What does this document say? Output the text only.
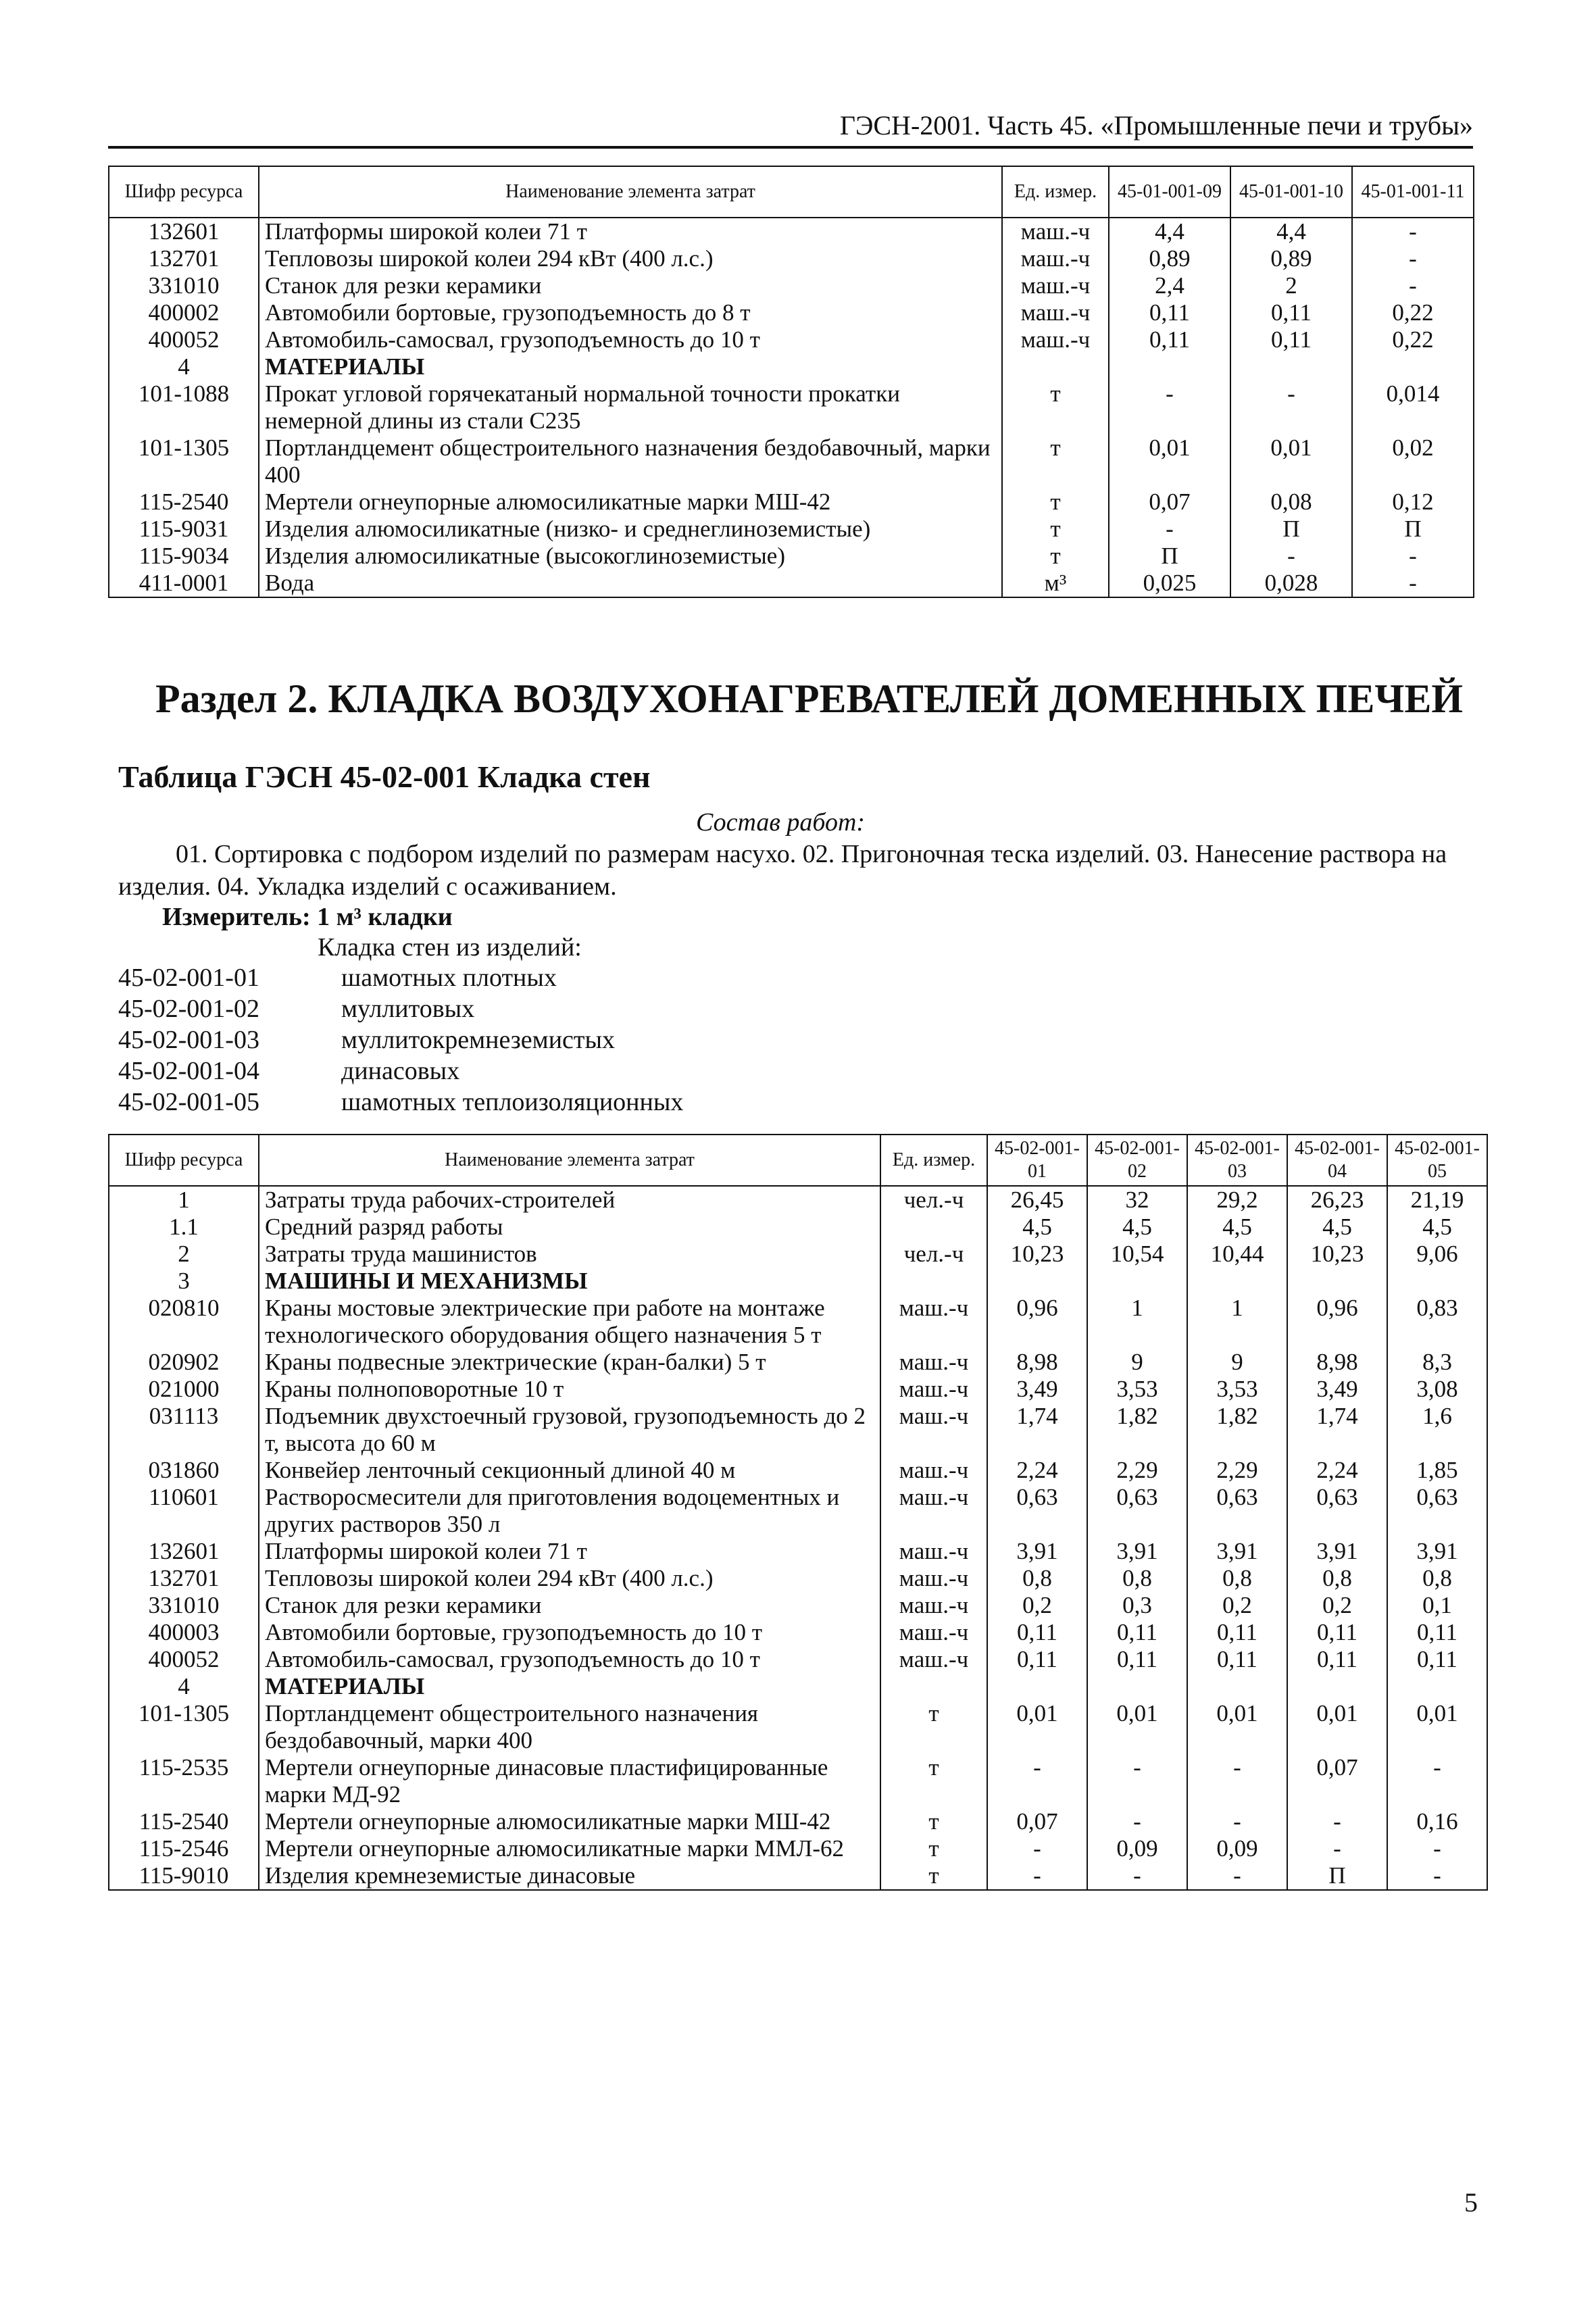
ГЭСН-2001. Часть 45. «Промышленные печи и трубы»
Шифр ресурса	Наименование элемента затрат	Ед. измер.	45-01-001-09	45-01-001-10	45-01-001-11
132601	Платформы широкой колеи 71 т	маш.-ч	4,4	4,4	-
132701	Тепловозы широкой колеи 294 кВт (400 л.с.)	маш.-ч	0,89	0,89	-
331010	Станок для резки керамики	маш.-ч	2,4	2	-
400002	Автомобили бортовые, грузоподъемность до 8 т	маш.-ч	0,11	0,11	0,22
400052	Автомобиль-самосвал, грузоподъемность до 10 т	маш.-ч	0,11	0,11	0,22
4	МАТЕРИАЛЫ				
101-1088	Прокат угловой горячекатаный нормальной точности прокатки немерной длины из стали С235	т	-	-	0,014
101-1305	Портландцемент общестроительного назначения бездобавочный, марки 400	т	0,01	0,01	0,02
115-2540	Мертели огнеупорные алюмосиликатные марки МШ-42	т	0,07	0,08	0,12
115-9031	Изделия алюмосиликатные (низко- и среднеглиноземистые)	т	-	П	П
115-9034	Изделия алюмосиликатные (высокоглиноземистые)	т	П	-	-
411-0001	Вода	м³	0,025	0,028	-
Раздел 2. КЛАДКА ВОЗДУХОНАГРЕВАТЕЛЕЙ ДОМЕННЫХ ПЕЧЕЙ
Таблица ГЭСН 45-02-001 Кладка стен
Состав работ:
01. Сортировка с подбором изделий по размерам насухо. 02. Пригоночная теска изделий. 03. Нанесение раствора на изделия. 04. Укладка изделий с осаживанием.
Измеритель: 1 м³ кладки
Кладка стен из изделий:
45-02-001-01	шамотных плотных
45-02-001-02	муллитовых
45-02-001-03	муллитокремнеземистых
45-02-001-04	динасовых
45-02-001-05	шамотных теплоизоляционных
Шифр ресурса	Наименование элемента затрат	Ед. измер.	45-02-001-01	45-02-001-02	45-02-001-03	45-02-001-04	45-02-001-05
1	Затраты труда рабочих-строителей	чел.-ч	26,45	32	29,2	26,23	21,19
1.1	Средний разряд работы		4,5	4,5	4,5	4,5	4,5
2	Затраты труда машинистов	чел.-ч	10,23	10,54	10,44	10,23	9,06
3	МАШИНЫ И МЕХАНИЗМЫ						
020810	Краны мостовые электрические при работе на монтаже технологического оборудования общего назначения 5 т	маш.-ч	0,96	1	1	0,96	0,83
020902	Краны подвесные электрические (кран-балки) 5 т	маш.-ч	8,98	9	9	8,98	8,3
021000	Краны полноповоротные 10 т	маш.-ч	3,49	3,53	3,53	3,49	3,08
031113	Подъемник двухстоечный грузовой, грузоподъемность до 2 т, высота до 60 м	маш.-ч	1,74	1,82	1,82	1,74	1,6
031860	Конвейер ленточный секционный длиной 40 м	маш.-ч	2,24	2,29	2,29	2,24	1,85
110601	Растворосмесители для приготовления водоцементных и других растворов 350 л	маш.-ч	0,63	0,63	0,63	0,63	0,63
132601	Платформы широкой колеи 71 т	маш.-ч	3,91	3,91	3,91	3,91	3,91
132701	Тепловозы широкой колеи 294 кВт (400 л.с.)	маш.-ч	0,8	0,8	0,8	0,8	0,8
331010	Станок для резки керамики	маш.-ч	0,2	0,3	0,2	0,2	0,1
400003	Автомобили бортовые, грузоподъемность до 10 т	маш.-ч	0,11	0,11	0,11	0,11	0,11
400052	Автомобиль-самосвал, грузоподъемность до 10 т	маш.-ч	0,11	0,11	0,11	0,11	0,11
4	МАТЕРИАЛЫ						
101-1305	Портландцемент общестроительного назначения бездобавочный, марки 400	т	0,01	0,01	0,01	0,01	0,01
115-2535	Мертели огнеупорные динасовые пластифицированные марки МД-92	т	-	-	-	0,07	-
115-2540	Мертели огнеупорные алюмосиликатные марки МШ-42	т	0,07	-	-	-	0,16
115-2546	Мертели огнеупорные алюмосиликатные марки ММЛ-62	т	-	0,09	0,09	-	-
115-9010	Изделия кремнеземистые динасовые	т	-	-	-	П	-
5
